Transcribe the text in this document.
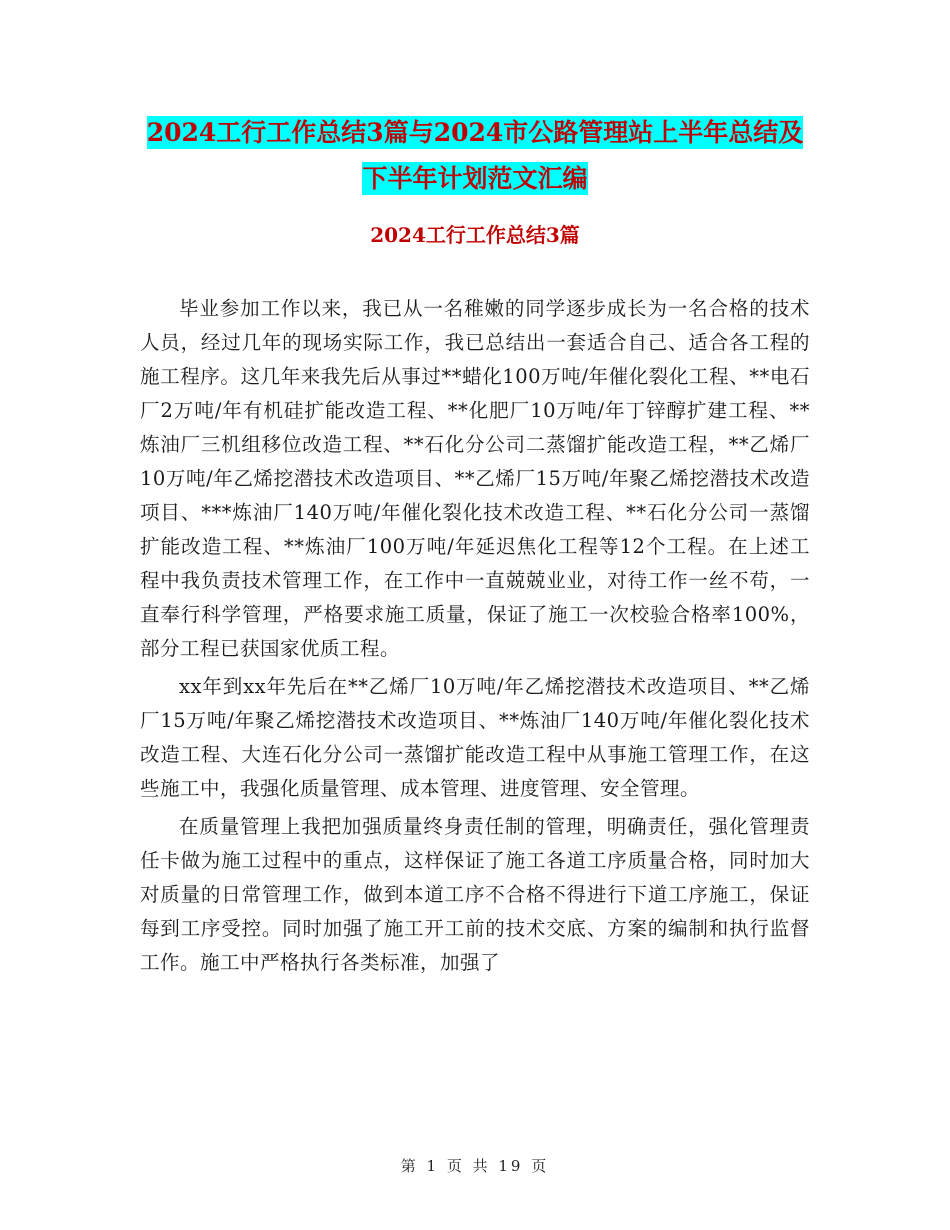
2024工行工作总结3篇与2024市公路管理站上半年总结及下半年计划范文汇编
2024工行工作总结3篇

毕业参加工作以来，我已从一名稚嫩的同学逐步成长为一名合格的技术人员，经过几年的现场实际工作，我已总结出一套适合自己、适合各工程的施工程序。这几年来我先后从事过**蜡化100万吨/年催化裂化工程、**电石厂2万吨/年有机硅扩能改造工程、**化肥厂10万吨/年丁锌醇扩建工程、**炼油厂三机组移位改造工程、**石化分公司二蒸馏扩能改造工程，**乙烯厂10万吨/年乙烯挖潜技术改造项目、**乙烯厂15万吨/年聚乙烯挖潜技术改造项目、***炼油厂140万吨/年催化裂化技术改造工程、**石化分公司一蒸馏扩能改造工程、**炼油厂100万吨/年延迟焦化工程等12个工程。在上述工程中我负责技术管理工作，在工作中一直兢兢业业，对待工作一丝不苟，一直奉行科学管理，严格要求施工质量，保证了施工一次校验合格率100%，部分工程已获国家优质工程。

xx年到xx年先后在**乙烯厂10万吨/年乙烯挖潜技术改造项目、**乙烯厂15万吨/年聚乙烯挖潜技术改造项目、**炼油厂140万吨/年催化裂化技术改造工程、大连石化分公司一蒸馏扩能改造工程中从事施工管理工作，在这些施工中，我强化质量管理、成本管理、进度管理、安全管理。

在质量管理上我把加强质量终身责任制的管理，明确责任，强化管理责任卡做为施工过程中的重点，这样保证了施工各道工序质量合格，同时加大对质量的日常管理工作，做到本道工序不合格不得进行下道工序施工，保证每到工序受控。同时加强了施工开工前的技术交底、方案的编制和执行监督工作。施工中严格执行各类标准，加强了

第 1 页 共 19 页
